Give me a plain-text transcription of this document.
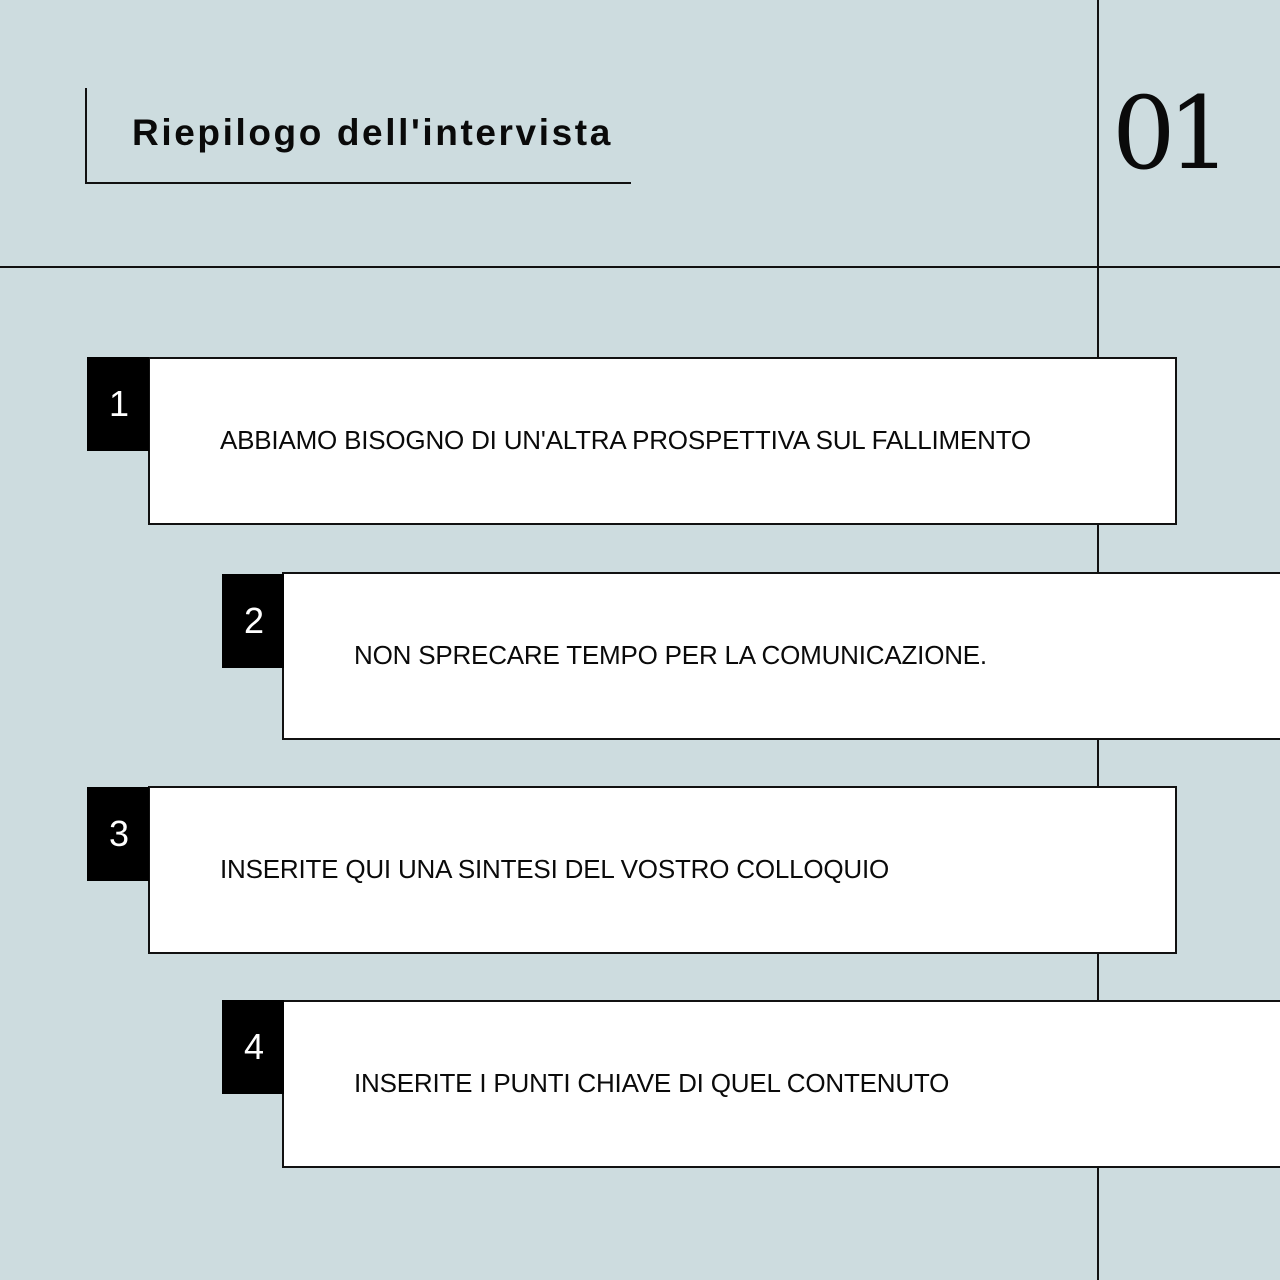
Riepilogo dell'intervista	01
ABBIAMO BISOGNO DI UN'ALTRA PROSPETTIVA SUL FALLIMENTO
1
NON SPRECARE TEMPO PER LA COMUNICAZIONE.
2
INSERITE QUI UNA SINTESI DEL VOSTRO COLLOQUIO
3
INSERITE I PUNTI CHIAVE DI QUEL CONTENUTO
4
